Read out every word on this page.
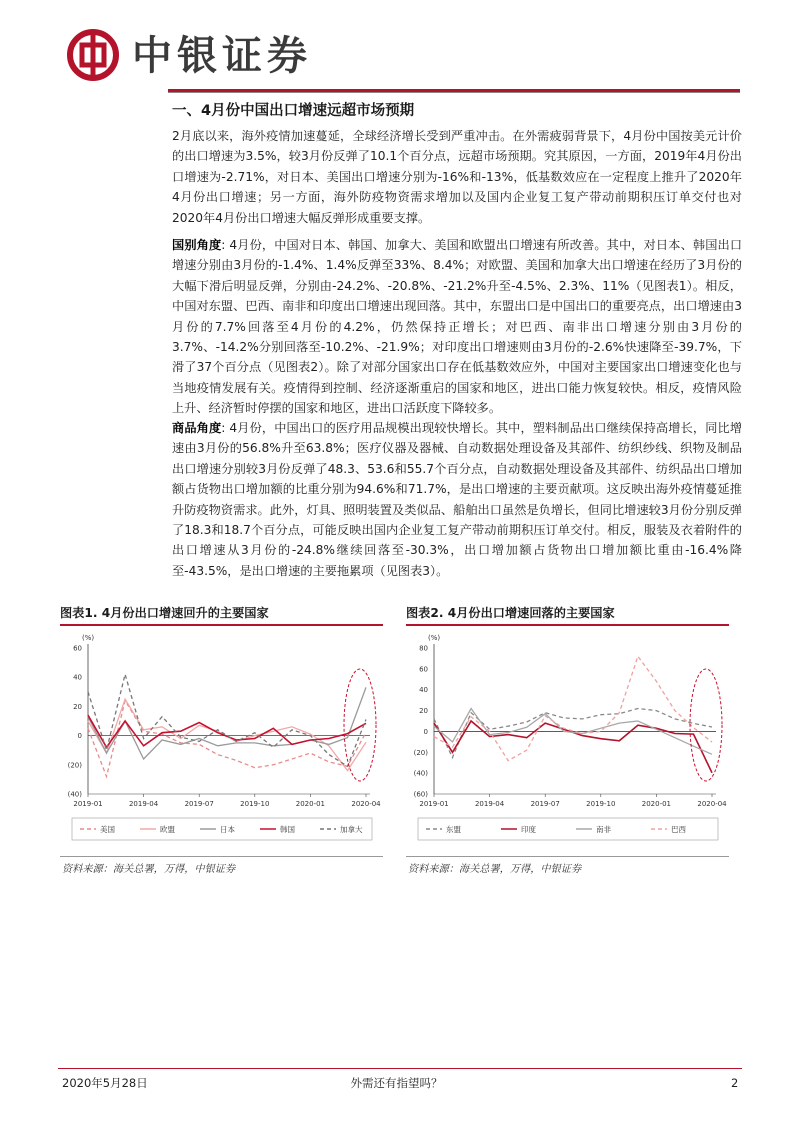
中银证券
一、4月份中国出口增速远超市场预期
2月底以来，海外疫情加速蔓延，全球经济增长受到严重冲击。在外需疲弱背景下，4月份中国按美元计价的出口增速为3.5%，较3月份反弹了10.1个百分点，远超市场预期。究其原因，一方面，2019年4月份出口增速为-2.71%，对日本、美国出口增速分别为-16%和-13%，低基数效应在一定程度上推升了2020年4月份出口增速；另一方面，海外防疫物资需求增加以及国内企业复工复产带动前期积压订单交付也对2020年4月份出口增速大幅反弹形成重要支撑。
国别角度: 4月份，中国对日本、韩国、加拿大、美国和欧盟出口增速有所改善。其中，对日本、韩国出口增速分别由3月份的-1.4%、1.4%反弹至33%、8.4%；对欧盟、美国和加拿大出口增速在经历了3月份的大幅下滑后明显反弹，分别由-24.2%、-20.8%、-21.2%升至-4.5%、2.3%、11%（见图表1）。相反，中国对东盟、巴西、南非和印度出口增速出现回落。其中，东盟出口是中国出口的重要亮点，出口增速由3月份的7.7%回落至4月份的4.2%，仍然保持正增长；对巴西、南非出口增速分别由3月份的3.7%、-14.2%分别回落至-10.2%、-21.9%；对印度出口增速则由3月份的-2.6%快速降至-39.7%，下滑了37个百分点（见图表2）。除了对部分国家出口存在低基数效应外，中国对主要国家出口增速变化也与当地疫情发展有关。疫情得到控制、经济逐渐重启的国家和地区，进出口能力恢复较快。相反，疫情风险上升、经济暂时停摆的国家和地区，进出口活跃度下降较多。
商品角度: 4月份，中国出口的医疗用品规模出现较快增长。其中，塑料制品出口继续保持高增长，同比增速由3月份的56.8%升至63.8%；医疗仪器及器械、自动数据处理设备及其部件、纺织纱线、织物及制品出口增速分别较3月份反弹了48.3、53.6和55.7个百分点，自动数据处理设备及其部件、纺织品出口增加额占货物出口增加额的比重分别为94.6%和71.7%，是出口增速的主要贡献项。这反映出海外疫情蔓延推升防疫物资需求。此外，灯具、照明装置及类似品、船舶出口虽然是负增长，但同比增速较3月份分别反弹了18.3和18.7个百分点，可能反映出国内企业复工复产带动前期积压订单交付。相反，服装及衣着附件的出口增速从3月份的-24.8%继续回落至-30.3%，出口增加额占货物出口增加额比重由-16.4%降至-43.5%，是出口增速的主要拖累项（见图表3）。
图表1. 4月份出口增速回升的主要国家
(%)
60
40
20
0
(20)
(40)
2019-01	2019-04	2019-07	2019-10	2020-01	2020-04
美国	欧盟	日本	韩国	加拿大
资料来源：海关总署，万得，中银证券
图表2. 4月份出口增速回落的主要国家
(%)
80
60
40
20
0
(20)
(40)
(60)
2019-01	2019-04	2019-07	2019-10	2020-01	2020-04
东盟	印度	南非	巴西
资料来源：海关总署，万得，中银证券
2020年5月28日	外需还有指望吗？	2
